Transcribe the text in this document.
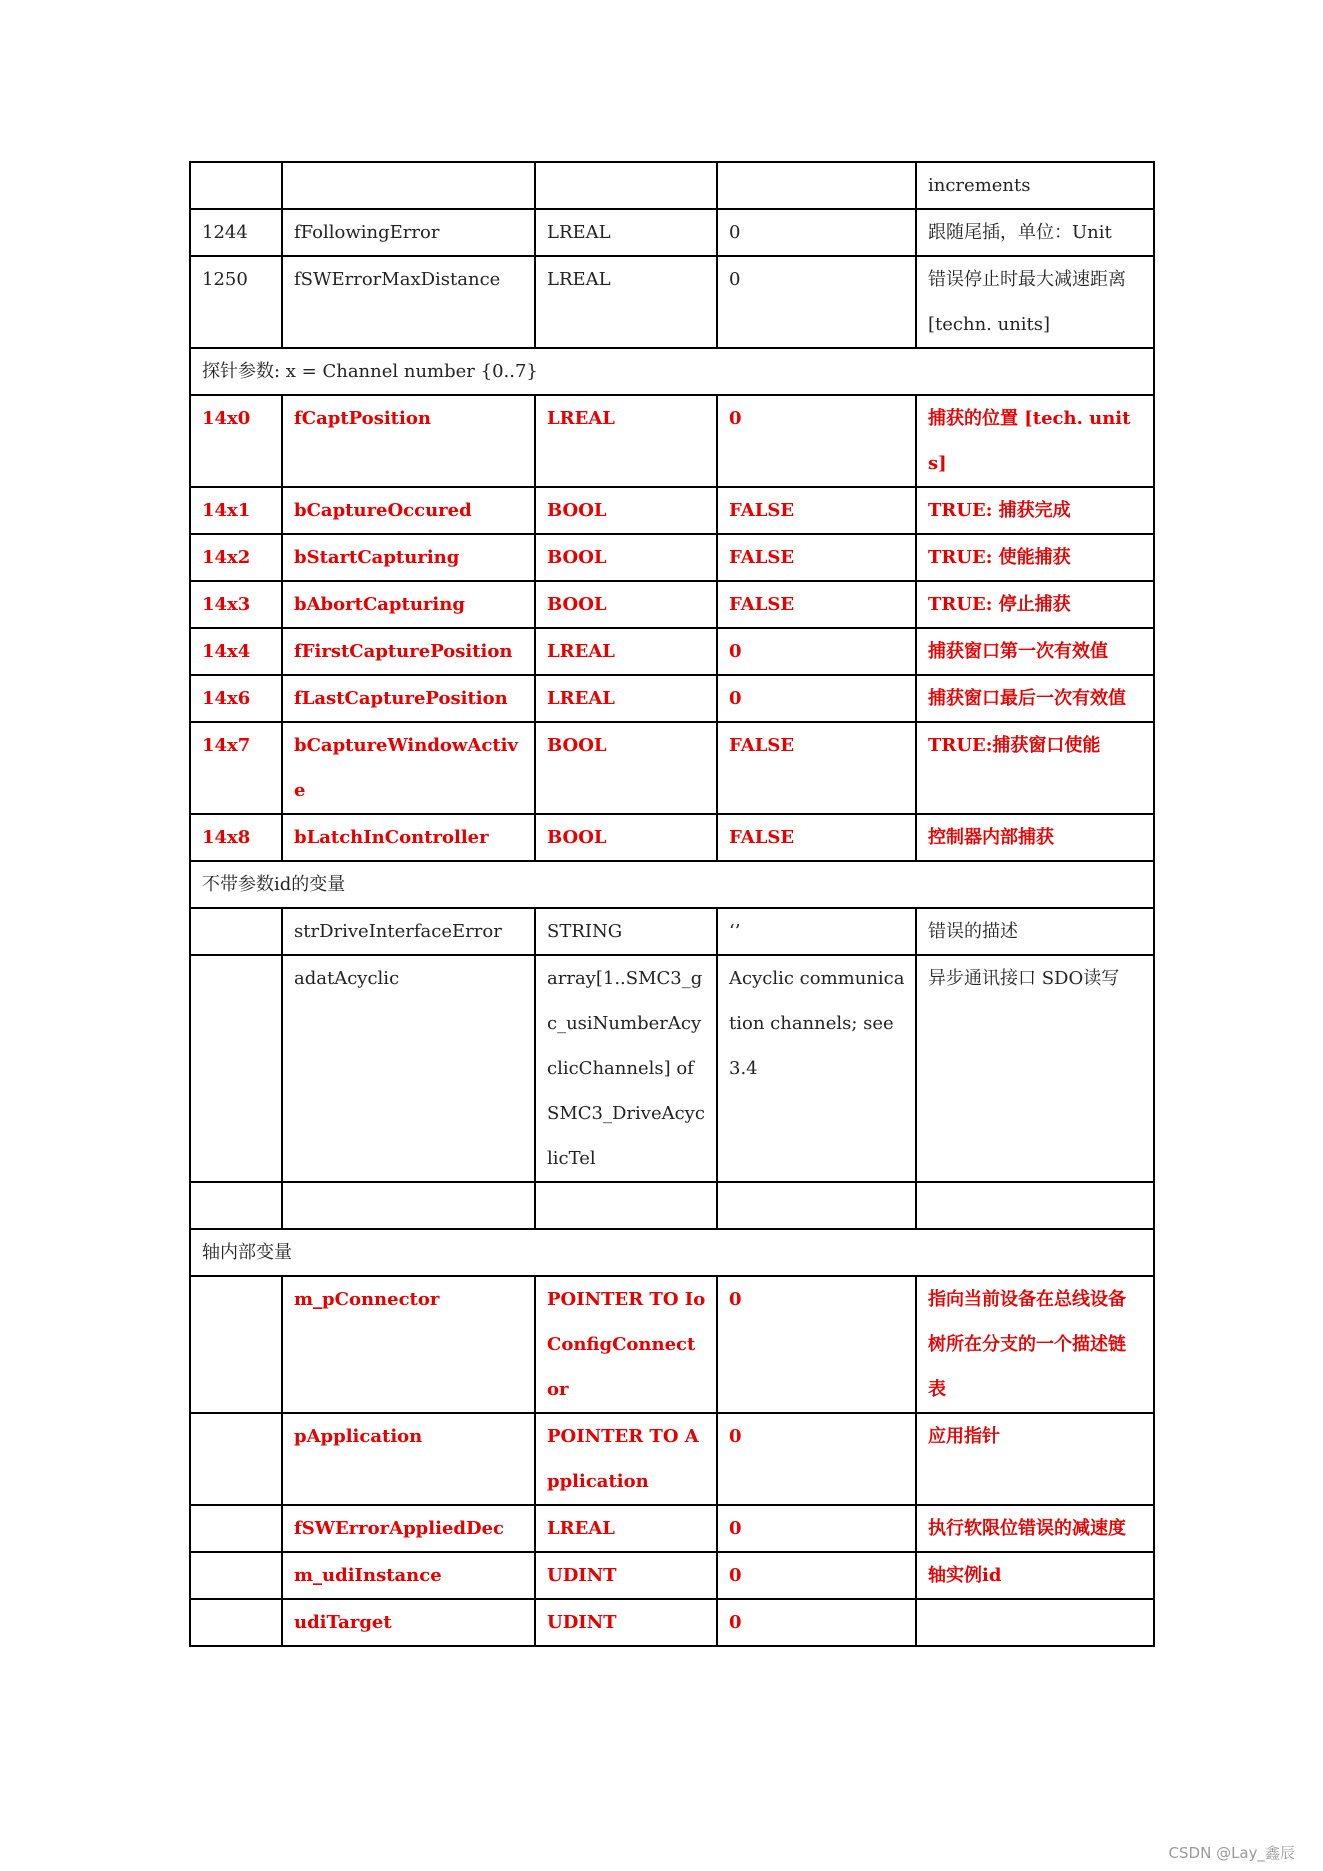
				increments
1244	fFollowingError	LREAL	0	跟随尾插，单位：Unit
1250	fSWErrorMaxDistance	LREAL	0	错误停止时最大减速距离 [techn. units]
探针参数: x = Channel number {0..7}				
14x0	fCaptPosition	LREAL	0	捕获的位置 [tech. units]
14x1	bCaptureOccured	BOOL	FALSE	TRUE: 捕获完成
14x2	bStartCapturing	BOOL	FALSE	TRUE: 使能捕获
14x3	bAbortCapturing	BOOL	FALSE	TRUE: 停止捕获
14x4	fFirstCapturePosition	LREAL	0	捕获窗口第一次有效值
14x6	fLastCapturePosition	LREAL	0	捕获窗口最后一次有效值
14x7	bCaptureWindowActive	BOOL	FALSE	TRUE:捕获窗口使能
14x8	bLatchInController	BOOL	FALSE	控制器内部捕获
不带参数id的变量				
	strDriveInterfaceError	STRING	‘’	错误的描述
	adatAcyclic	array[1..SMC3_gc_usiNumberAcyclicChannels] of SMC3_DriveAcyclicTel	Acyclic communication channels; see 3.4	异步通讯接口 SDO读写

轴内部变量				
	m_pConnector	POINTER TO IoConfigConnector	0	指向当前设备在总线设备树所在分支的一个描述链表
	pApplication	POINTER TO Application	0	应用指针
	fSWErrorAppliedDec	LREAL	0	执行软限位错误的减速度
	m_udiInstance	UDINT	0	轴实例id
	udiTarget	UDINT	0	
CSDN @Lay_鑫辰
